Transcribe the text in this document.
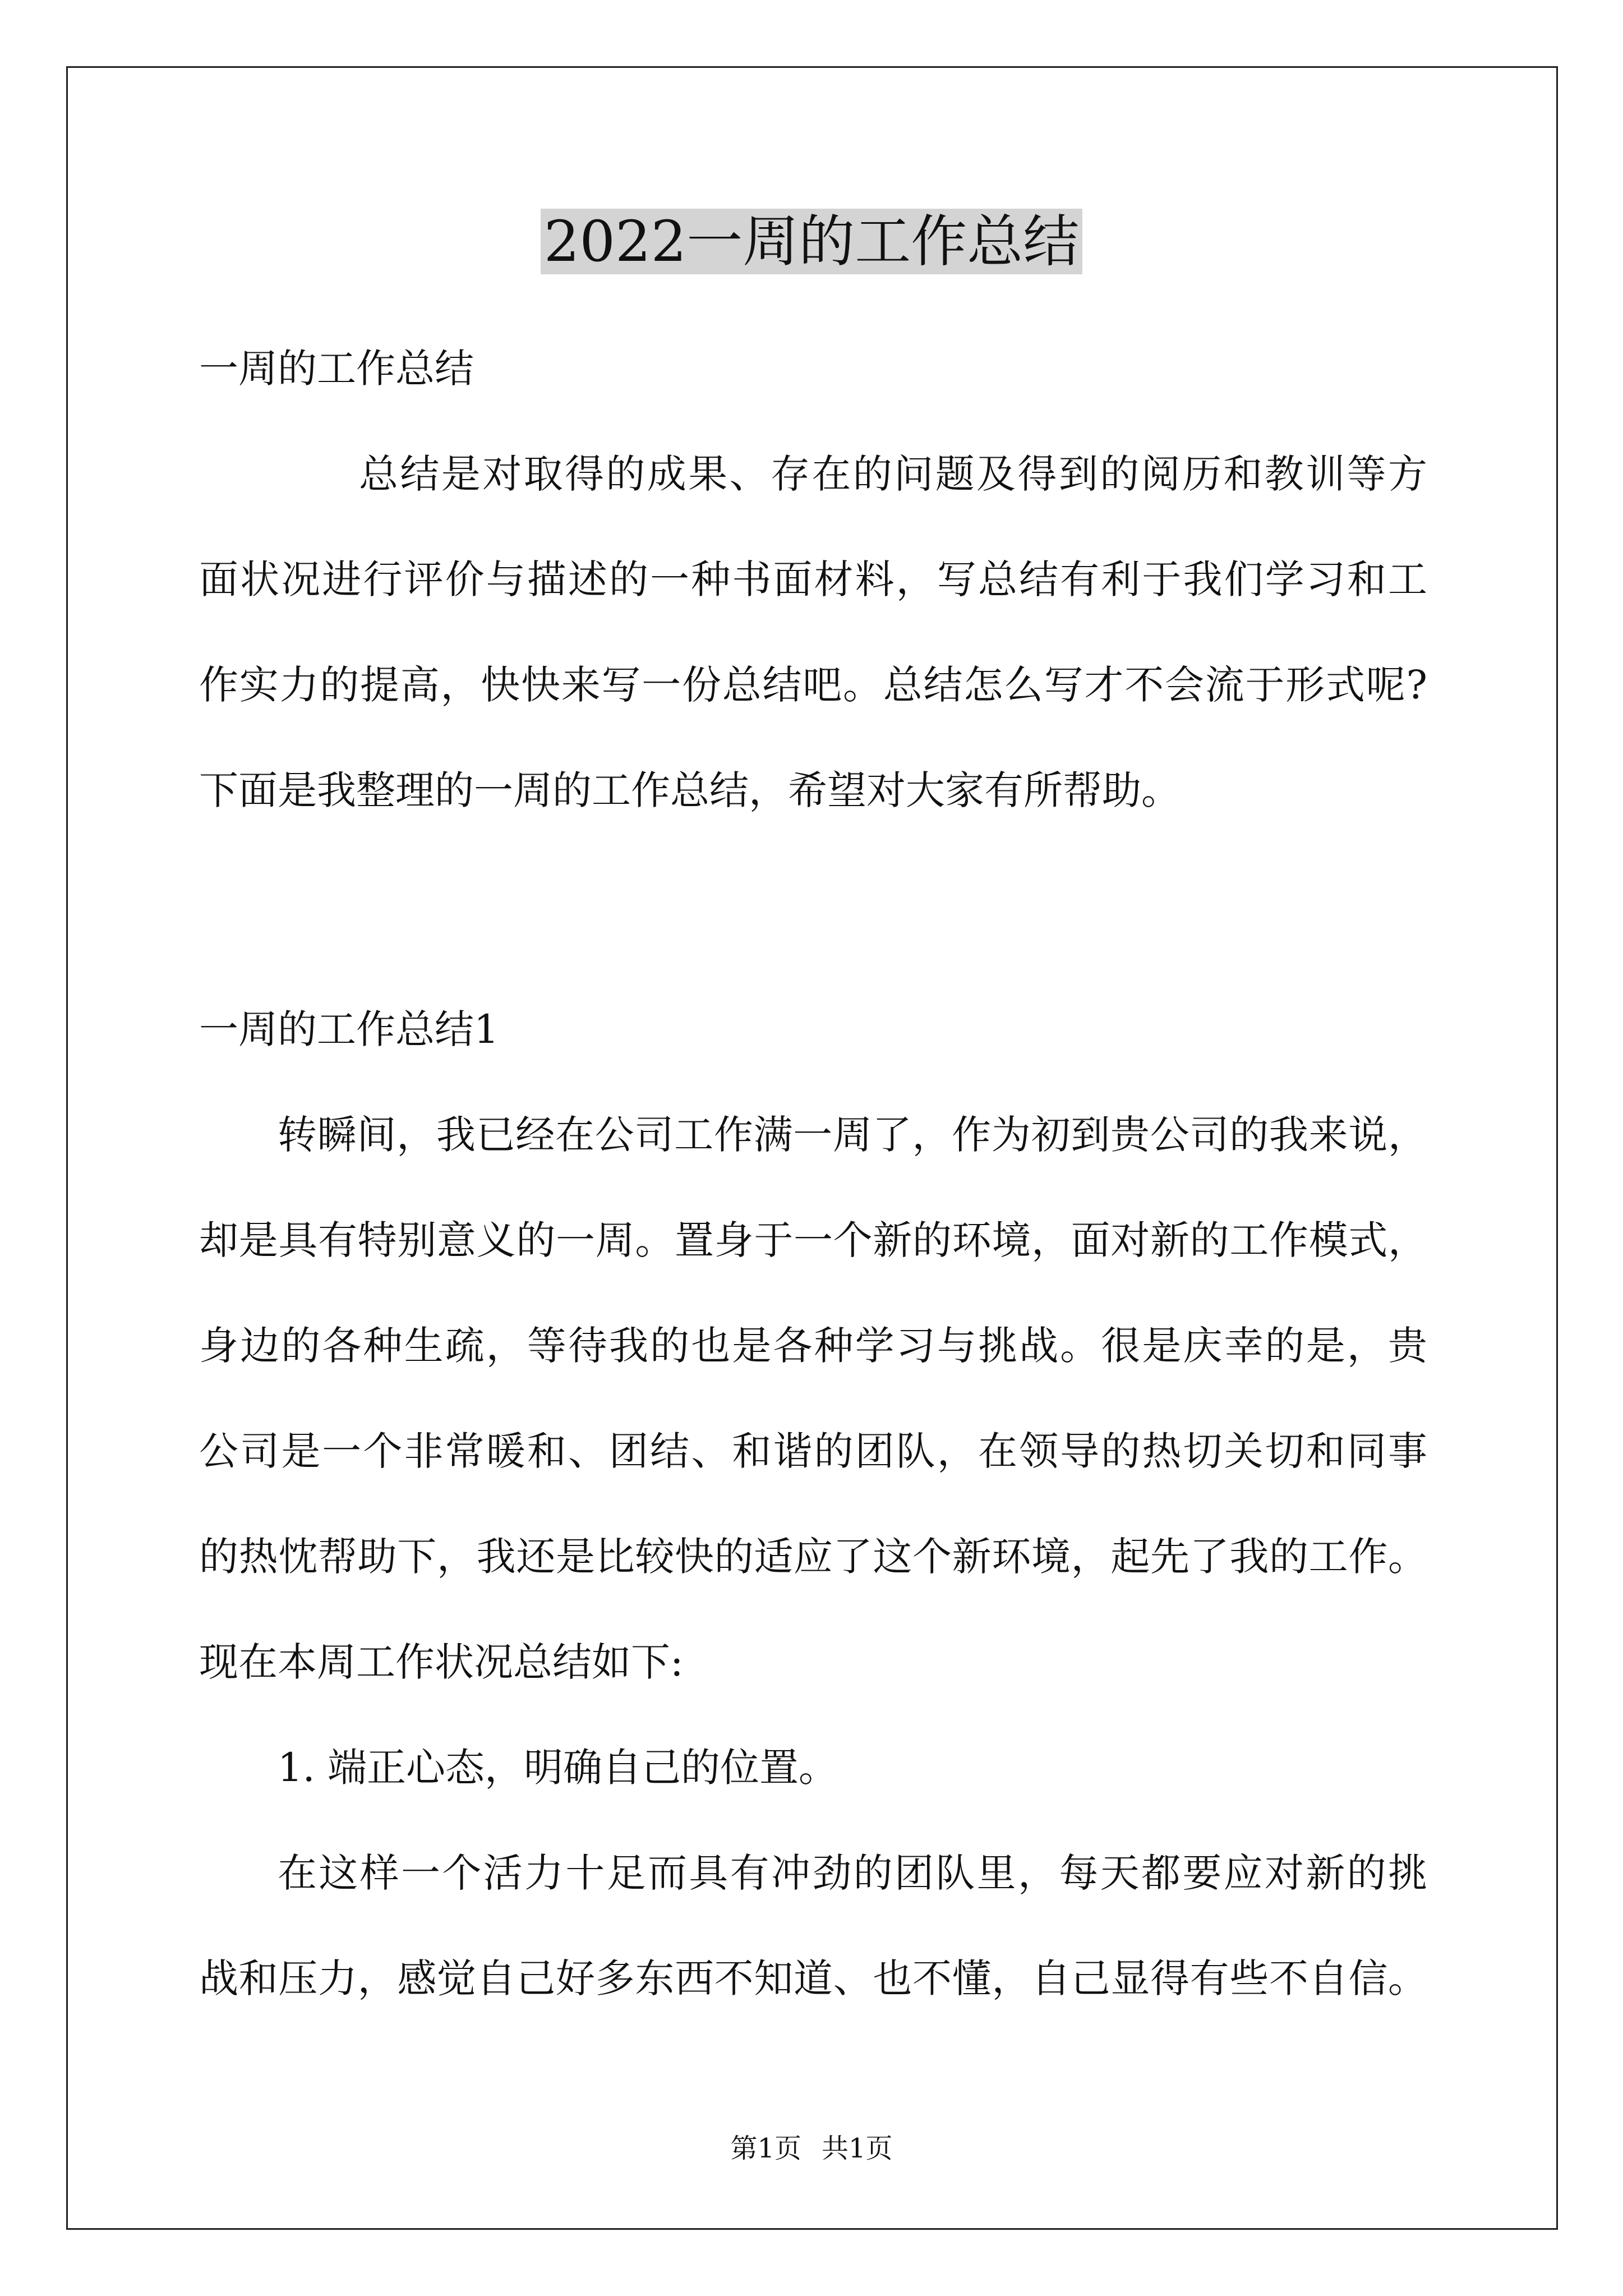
2022一周的工作总结
一周的工作总结
总结是对取得的成果、存在的问题及得到的阅历和教训等方
面状况进行评价与描述的一种书面材料，写总结有利于我们学习和工
作实力的提高，快快来写一份总结吧。总结怎么写才不会流于形式呢?
下面是我整理的一周的工作总结，希望对大家有所帮助。
一周的工作总结1
转瞬间，我已经在公司工作满一周了，作为初到贵公司的我来说，
却是具有特别意义的一周。置身于一个新的环境，面对新的工作模式，
身边的各种生疏，等待我的也是各种学习与挑战。很是庆幸的是，贵
公司是一个非常暖和、团结、和谐的团队，在领导的热切关切和同事
的热忱帮助下，我还是比较快的适应了这个新环境，起先了我的工作。
现在本周工作状况总结如下:
1. 端正心态，明确自己的位置。
在这样一个活力十足而具有冲劲的团队里，每天都要应对新的挑
战和压力，感觉自己好多东西不知道、也不懂，自己显得有些不自信。
第1页 共1页
